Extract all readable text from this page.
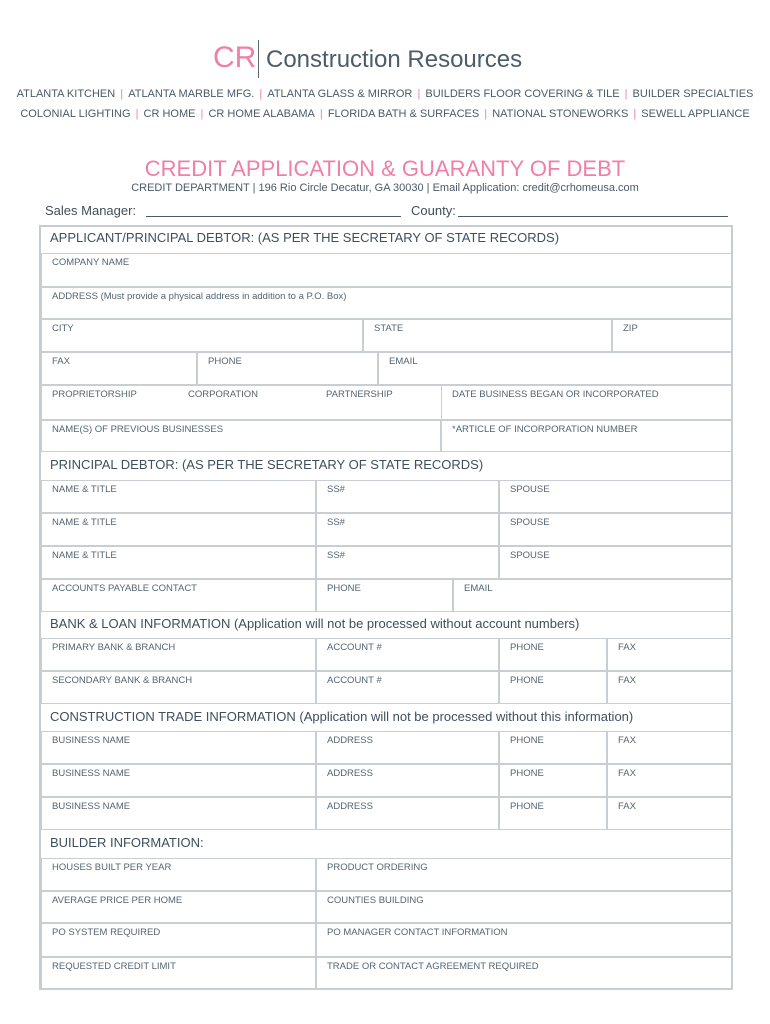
CR Construction Resources
ATLANTA KITCHEN | ATLANTA MARBLE MFG. | ATLANTA GLASS & MIRROR | BUILDERS FLOOR COVERING & TILE | BUILDER SPECIALTIES
COLONIAL LIGHTING | CR HOME | CR HOME ALABAMA | FLORIDA BATH & SURFACES | NATIONAL STONEWORKS | SEWELL APPLIANCE
CREDIT APPLICATION & GUARANTY OF DEBT
CREDIT DEPARTMENT | 196 Rio Circle Decatur, GA 30030 | Email Application: credit@crhomeusa.com
Sales Manager:	County:
APPLICANT/PRINCIPAL DEBTOR: (AS PER THE SECRETARY OF STATE RECORDS)
COMPANY NAME
ADDRESS (Must provide a physical address in addition to a P.O. Box)
CITY	STATE	ZIP
FAX	PHONE	EMAIL
PROPRIETORSHIP	CORPORATION	PARTNERSHIP	DATE BUSINESS BEGAN OR INCORPORATED
NAME(S) OF PREVIOUS BUSINESSES	*ARTICLE OF INCORPORATION NUMBER
PRINCIPAL DEBTOR: (AS PER THE SECRETARY OF STATE RECORDS)
NAME & TITLE	SS#	SPOUSE
NAME & TITLE	SS#	SPOUSE
NAME & TITLE	SS#	SPOUSE
ACCOUNTS PAYABLE CONTACT	PHONE	EMAIL
BANK & LOAN INFORMATION (Application will not be processed without account numbers)
PRIMARY BANK & BRANCH	ACCOUNT #	PHONE	FAX
SECONDARY BANK & BRANCH	ACCOUNT #	PHONE	FAX
CONSTRUCTION TRADE INFORMATION (Application will not be processed without this information)
BUSINESS NAME	ADDRESS	PHONE	FAX
BUSINESS NAME	ADDRESS	PHONE	FAX
BUSINESS NAME	ADDRESS	PHONE	FAX
BUILDER INFORMATION:
HOUSES BUILT PER YEAR	PRODUCT ORDERING
AVERAGE PRICE PER HOME	COUNTIES BUILDING
PO SYSTEM REQUIRED	PO MANAGER CONTACT INFORMATION
REQUESTED CREDIT LIMIT	TRADE OR CONTACT AGREEMENT REQUIRED
